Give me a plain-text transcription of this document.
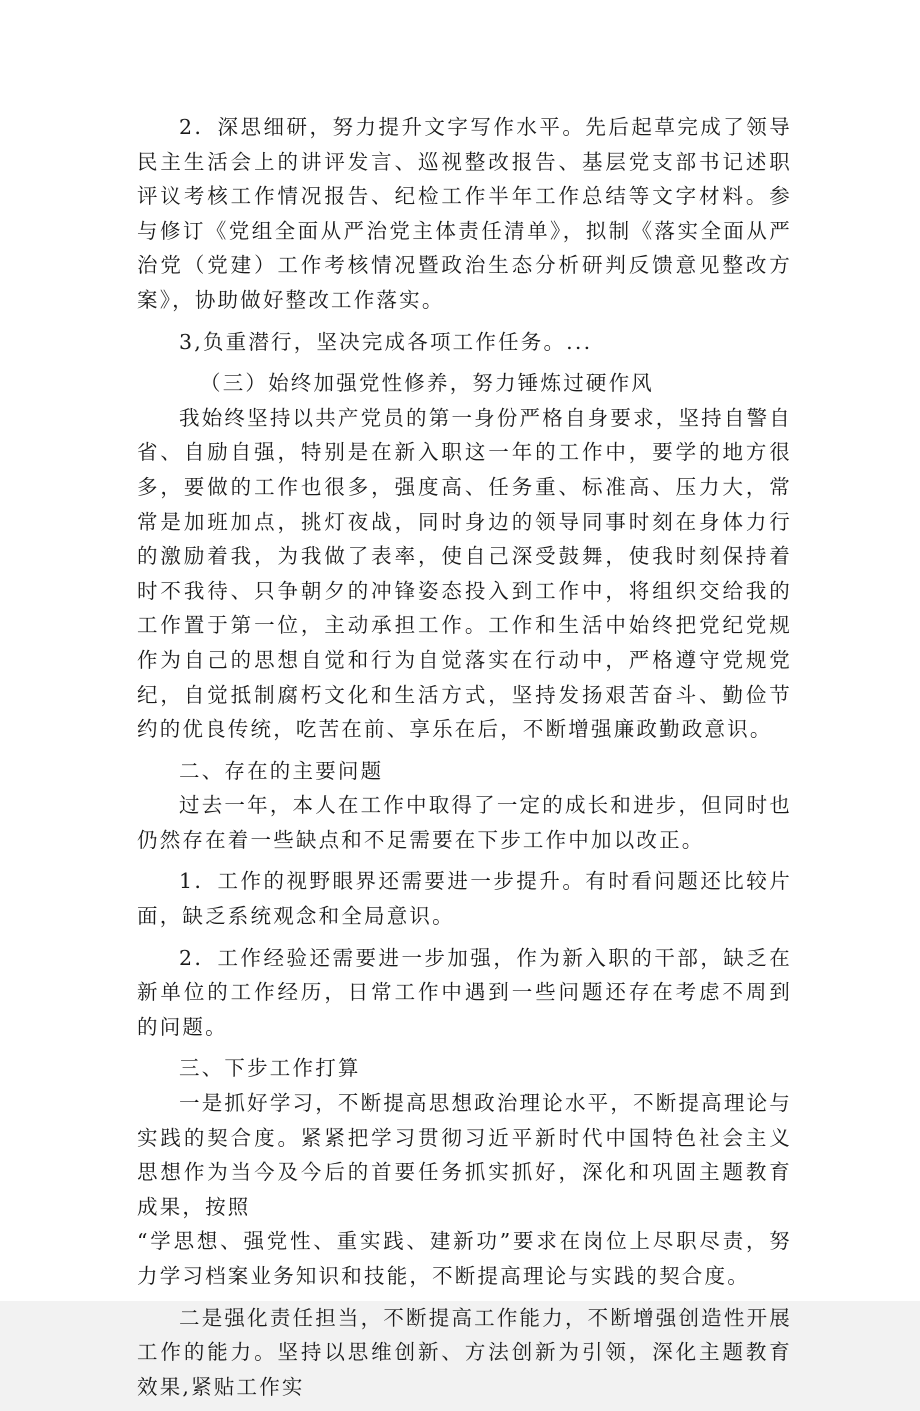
2．深思细研，努力提升文字写作水平。先后起草完成了领导民主生活会上的讲评发言、巡视整改报告、基层党支部书记述职评议考核工作情况报告、纪检工作半年工作总结等文字材料。参与修订《党组全面从严治党主体责任清单》，拟制《落实全面从严治党（党建）工作考核情况暨政治生态分析研判反馈意见整改方案》，协助做好整改工作落实。

3,负重潜行，坚决完成各项工作任务。...

（三）始终加强党性修养，努力锤炼过硬作风

我始终坚持以共产党员的第一身份严格自身要求，坚持自警自省、自励自强，特别是在新入职这一年的工作中，要学的地方很多，要做的工作也很多，强度高、任务重、标准高、压力大，常常是加班加点，挑灯夜战，同时身边的领导同事时刻在身体力行的激励着我，为我做了表率，使自己深受鼓舞，使我时刻保持着时不我待、只争朝夕的冲锋姿态投入到工作中，将组织交给我的工作置于第一位，主动承担工作。工作和生活中始终把党纪党规作为自己的思想自觉和行为自觉落实在行动中，严格遵守党规党纪，自觉抵制腐朽文化和生活方式，坚持发扬艰苦奋斗、勤俭节约的优良传统，吃苦在前、享乐在后，不断增强廉政勤政意识。

二、存在的主要问题

过去一年，本人在工作中取得了一定的成长和进步，但同时也仍然存在着一些缺点和不足需要在下步工作中加以改正。

1．工作的视野眼界还需要进一步提升。有时看问题还比较片面，缺乏系统观念和全局意识。

2．工作经验还需要进一步加强，作为新入职的干部，缺乏在新单位的工作经历，日常工作中遇到一些问题还存在考虑不周到的问题。

三、下步工作打算

一是抓好学习，不断提高思想政治理论水平，不断提高理论与实践的契合度。紧紧把学习贯彻习近平新时代中国特色社会主义思想作为当今及今后的首要任务抓实抓好，深化和巩固主题教育成果，按照

“学思想、强党性、重实践、建新功”要求在岗位上尽职尽责，努力学习档案业务知识和技能，不断提高理论与实践的契合度。

二是强化责任担当，不断提高工作能力，不断增强创造性开展工作的能力。坚持以思维创新、方法创新为引领，深化主题教育效果,紧贴工作实
